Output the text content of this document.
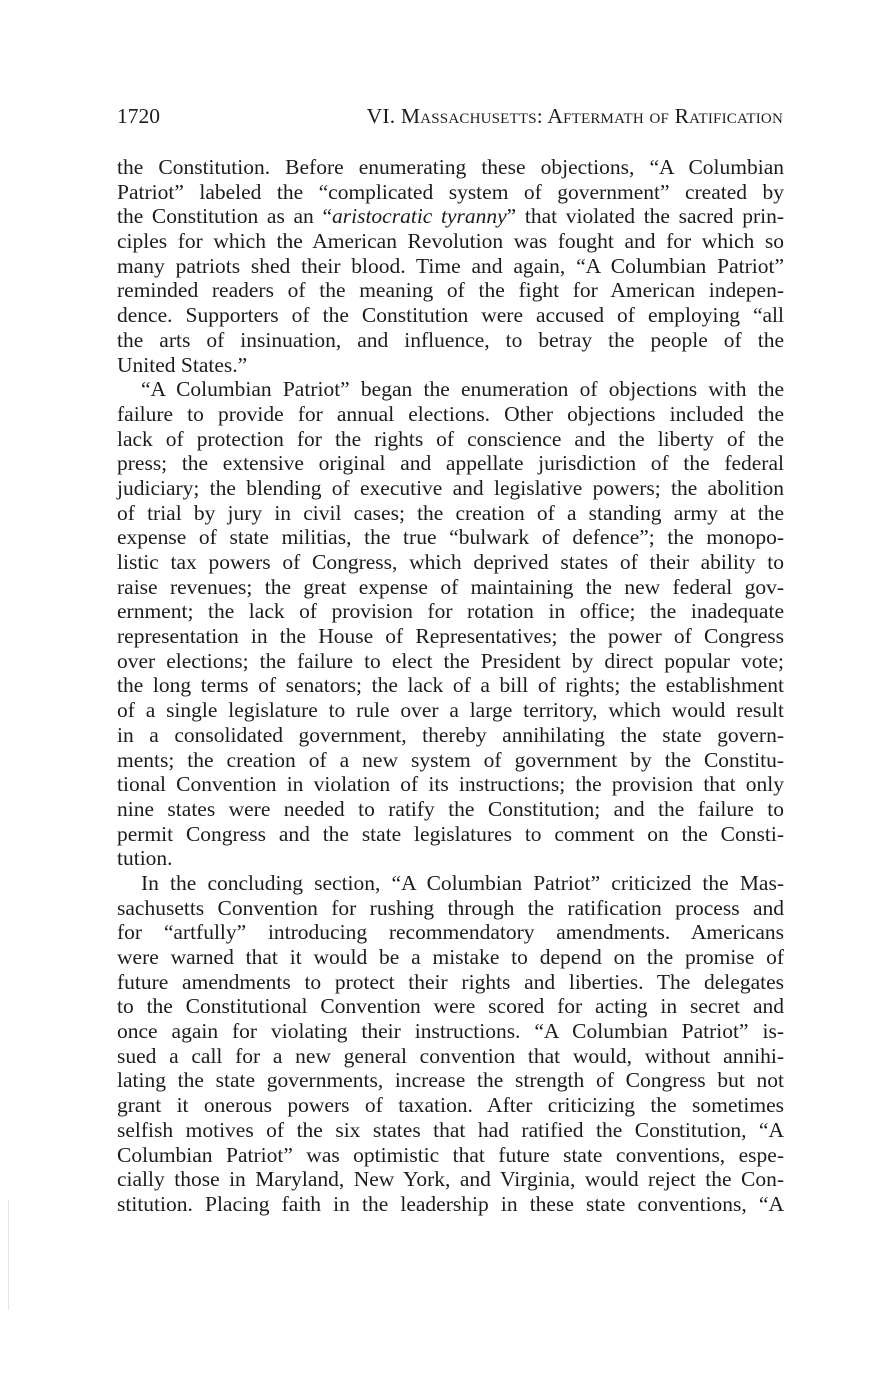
1720	VI. Massachusetts: Aftermath of Ratification
the Constitution. Before enumerating these objections, “A Columbian
Patriot” labeled the “complicated system of government” created by
the Constitution as an “aristocratic tyranny” that violated the sacred prin-
ciples for which the American Revolution was fought and for which so
many patriots shed their blood. Time and again, “A Columbian Patriot”
reminded readers of the meaning of the fight for American indepen-
dence. Supporters of the Constitution were accused of employing “all
the arts of insinuation, and influence, to betray the people of the
United States.”
“A Columbian Patriot” began the enumeration of objections with the
failure to provide for annual elections. Other objections included the
lack of protection for the rights of conscience and the liberty of the
press; the extensive original and appellate jurisdiction of the federal
judiciary; the blending of executive and legislative powers; the abolition
of trial by jury in civil cases; the creation of a standing army at the
expense of state militias, the true “bulwark of defence”; the monopo-
listic tax powers of Congress, which deprived states of their ability to
raise revenues; the great expense of maintaining the new federal gov-
ernment; the lack of provision for rotation in office; the inadequate
representation in the House of Representatives; the power of Congress
over elections; the failure to elect the President by direct popular vote;
the long terms of senators; the lack of a bill of rights; the establishment
of a single legislature to rule over a large territory, which would result
in a consolidated government, thereby annihilating the state govern-
ments; the creation of a new system of government by the Constitu-
tional Convention in violation of its instructions; the provision that only
nine states were needed to ratify the Constitution; and the failure to
permit Congress and the state legislatures to comment on the Consti-
tution.
In the concluding section, “A Columbian Patriot” criticized the Mas-
sachusetts Convention for rushing through the ratification process and
for “artfully” introducing recommendatory amendments. Americans
were warned that it would be a mistake to depend on the promise of
future amendments to protect their rights and liberties. The delegates
to the Constitutional Convention were scored for acting in secret and
once again for violating their instructions. “A Columbian Patriot” is-
sued a call for a new general convention that would, without annihi-
lating the state governments, increase the strength of Congress but not
grant it onerous powers of taxation. After criticizing the sometimes
selfish motives of the six states that had ratified the Constitution, “A
Columbian Patriot” was optimistic that future state conventions, espe-
cially those in Maryland, New York, and Virginia, would reject the Con-
stitution. Placing faith in the leadership in these state conventions, “A
